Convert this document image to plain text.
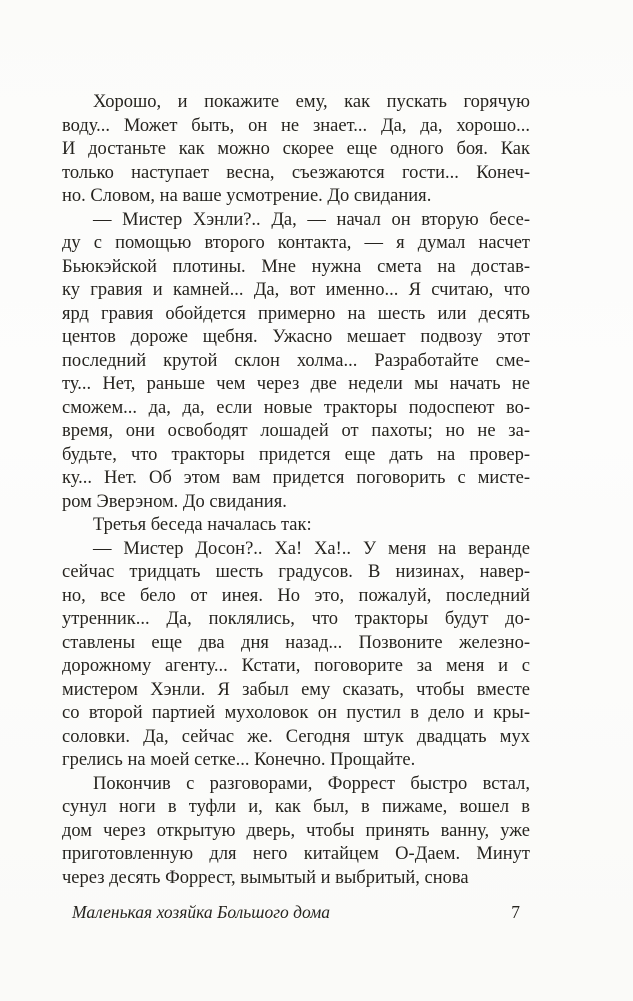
Хорошо, и покажите ему, как пускать горячую
воду... Может быть, он не знает... Да, да, хорошо...
И достаньте как можно скорее еще одного боя. Как
только наступает весна, съезжаются гости... Конеч-
но. Словом, на ваше усмотрение. До свидания.
— Мистер Хэнли?.. Да, — начал он вторую бесе-
ду с помощью второго контакта, — я думал насчет
Бьюкэйской плотины. Мне нужна смета на достав-
ку гравия и камней... Да, вот именно... Я считаю, что
ярд гравия обойдется примерно на шесть или десять
центов дороже щебня. Ужасно мешает подвозу этот
последний крутой склон холма... Разработайте сме-
ту... Нет, раньше чем через две недели мы начать не
сможем... да, да, если новые тракторы подоспеют во-
время, они освободят лошадей от пахоты; но не за-
будьте, что тракторы придется еще дать на провер-
ку... Нет. Об этом вам придется поговорить с мисте-
ром Эверэном. До свидания.
Третья беседа началась так:
— Мистер Досон?.. Ха! Ха!.. У меня на веранде
сейчас тридцать шесть градусов. В низинах, навер-
но, все бело от инея. Но это, пожалуй, последний
утренник... Да, поклялись, что тракторы будут до-
ставлены еще два дня назад... Позвоните железно-
дорожному агенту... Кстати, поговорите за меня и с
мистером Хэнли. Я забыл ему сказать, чтобы вместе
со второй партией мухоловок он пустил в дело и кры-
соловки. Да, сейчас же. Сегодня штук двадцать мух
грелись на моей сетке... Конечно. Прощайте.
Покончив с разговорами, Форрест быстро встал,
сунул ноги в туфли и, как был, в пижаме, вошел в
дом через открытую дверь, чтобы принять ванну, уже
приготовленную для него китайцем О-Даем. Минут
через десять Форрест, вымытый и выбритый, снова
Маленькая хозяйка Большого дома	7
